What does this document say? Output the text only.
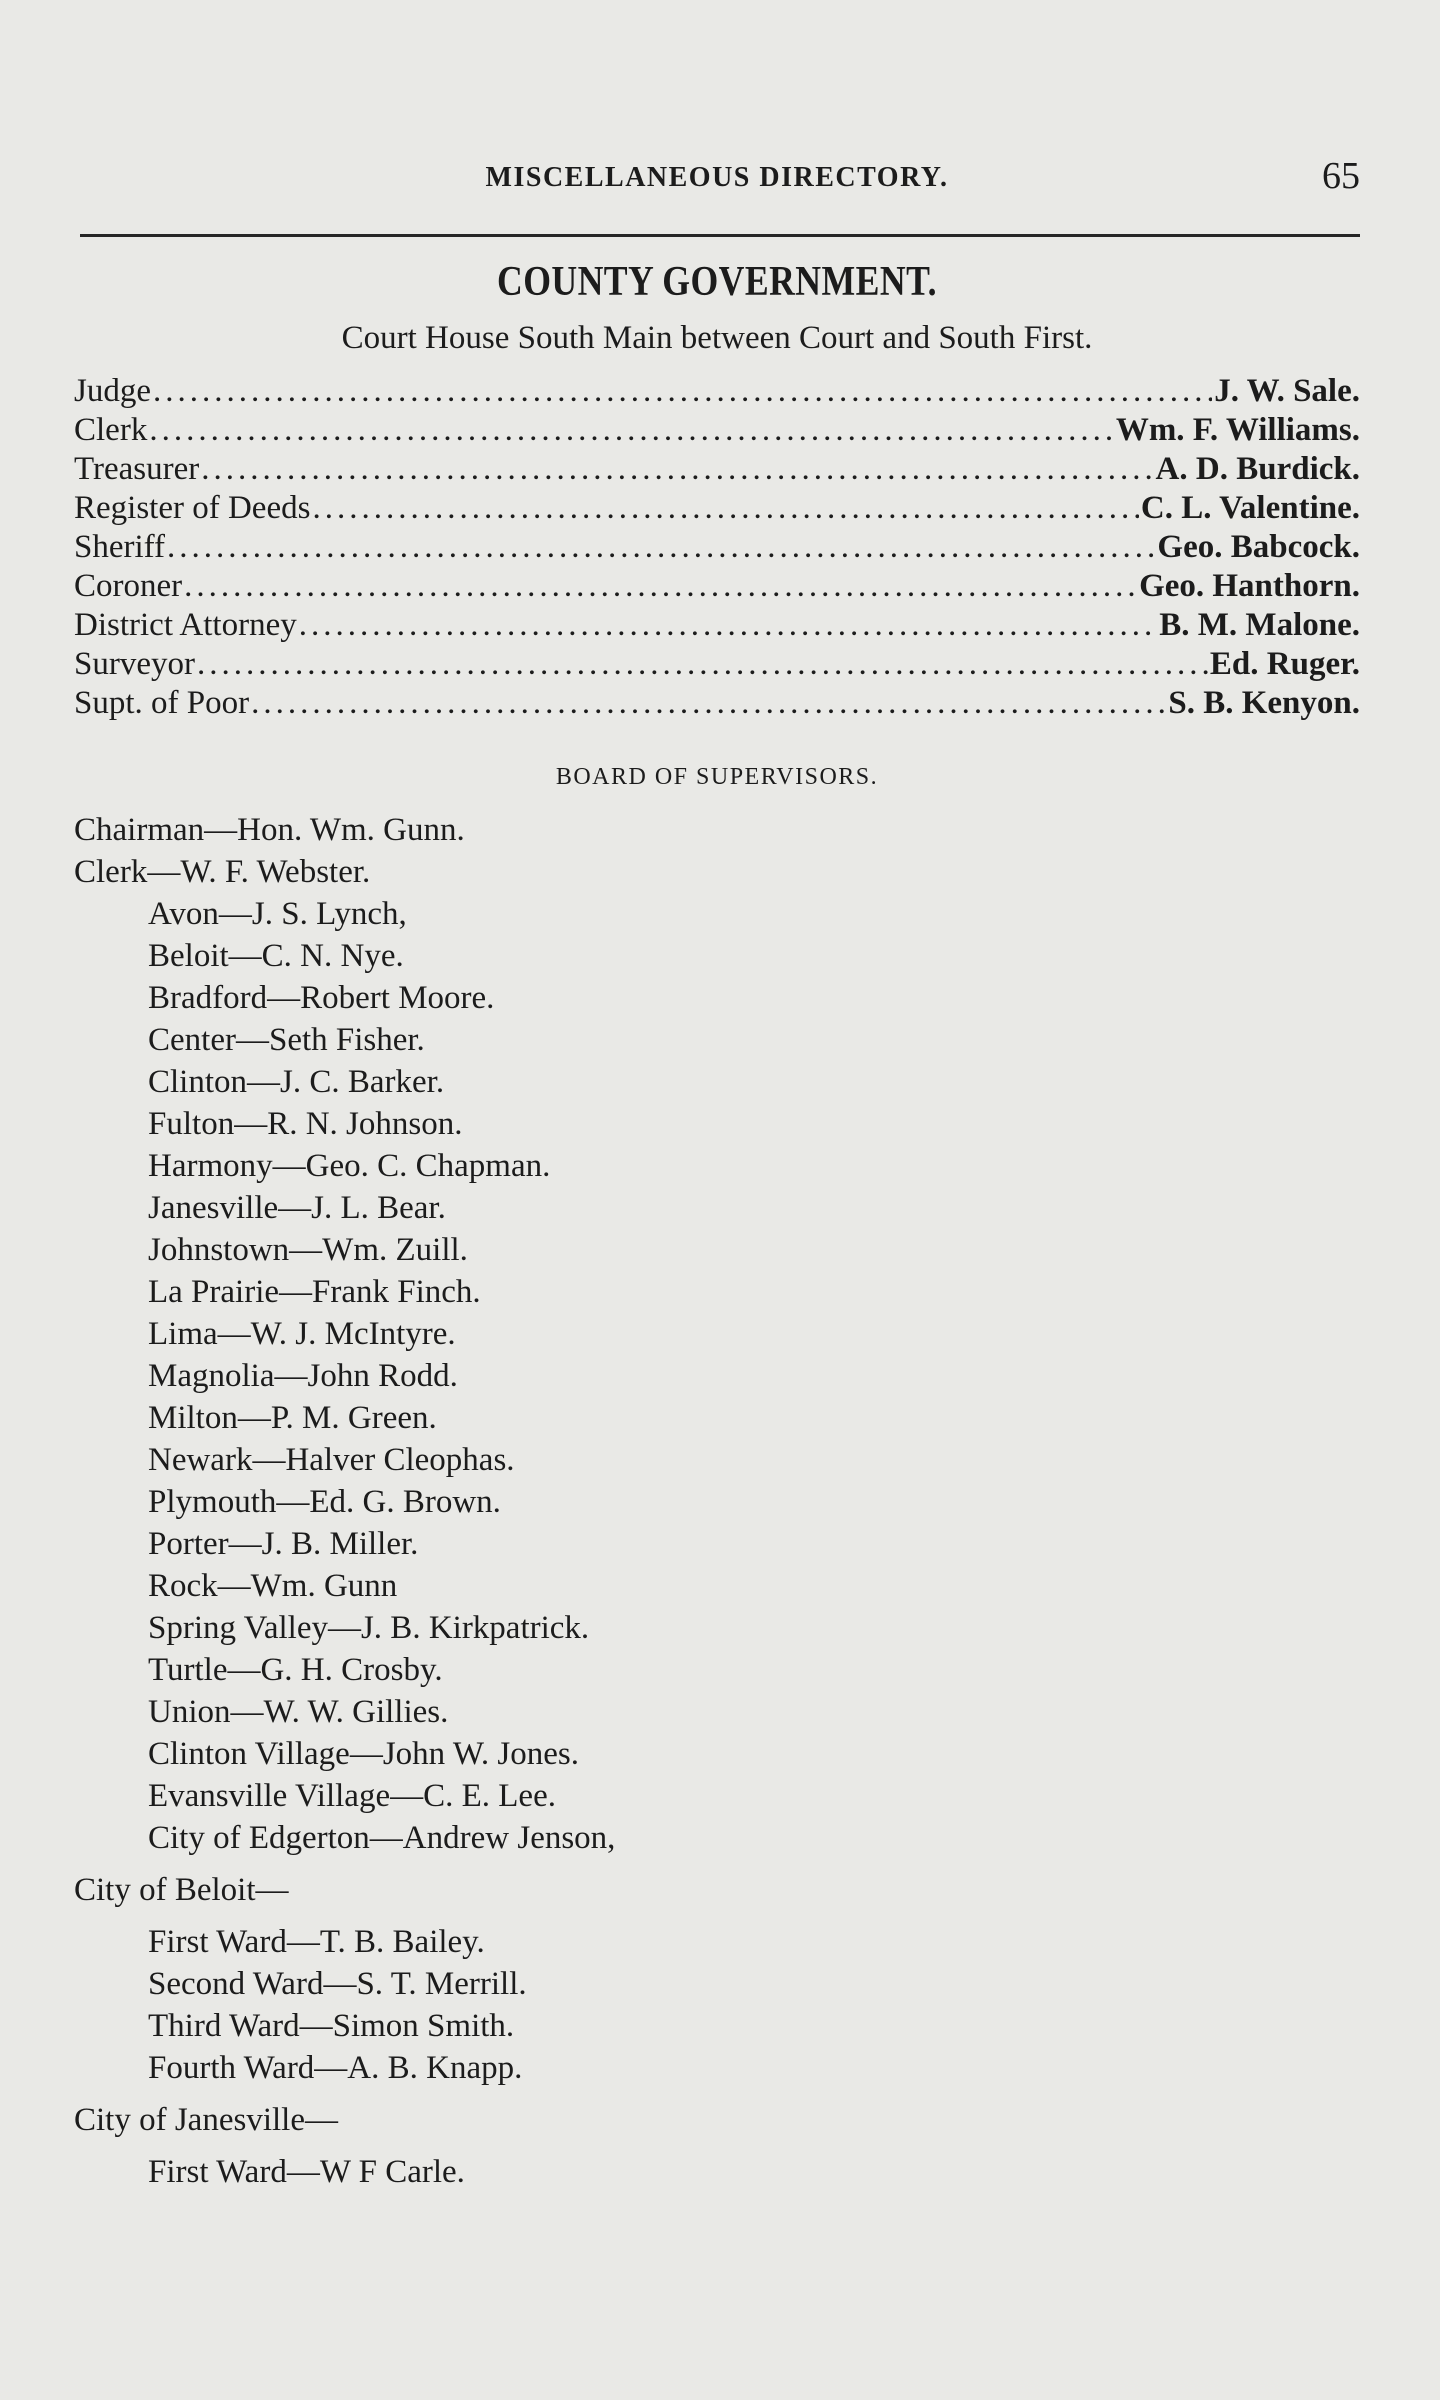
MISCELLANEOUS DIRECTORY.	65
COUNTY GOVERNMENT.
Court House South Main between Court and South First.
Judge .....	J. W. Sale.
Clerk .....	Wm. F. Williams.
Treasurer .....	A. D. Burdick.
Register of Deeds .....	C. L. Valentine.
Sheriff .....	Geo. Babcock.
Coroner .....	Geo. Hanthorn.
District Attorney .....	B. M. Malone.
Surveyor .....	Ed. Ruger.
Supt. of Poor .....	S. B. Kenyon.
BOARD OF SUPERVISORS.
Chairman—Hon. Wm. Gunn.
Clerk—W. F. Webster.
Avon—J. S. Lynch,
Beloit—C. N. Nye.
Bradford—Robert Moore.
Center—Seth Fisher.
Clinton—J. C. Barker.
Fulton—R. N. Johnson.
Harmony—Geo. C. Chapman.
Janesville—J. L. Bear.
Johnstown—Wm. Zuill.
La Prairie—Frank Finch.
Lima—W. J. McIntyre.
Magnolia—John Rodd.
Milton—P. M. Green.
Newark—Halver Cleophas.
Plymouth—Ed. G. Brown.
Porter—J. B. Miller.
Rock—Wm. Gunn
Spring Valley—J. B. Kirkpatrick.
Turtle—G. H. Crosby.
Union—W. W. Gillies.
Clinton Village—John W. Jones.
Evansville Village—C. E. Lee.
City of Edgerton—Andrew Jenson,
City of Beloit—
First Ward—T. B. Bailey.
Second Ward—S. T. Merrill.
Third Ward—Simon Smith.
Fourth Ward—A. B. Knapp.
City of Janesville—
First Ward—W F Carle.
